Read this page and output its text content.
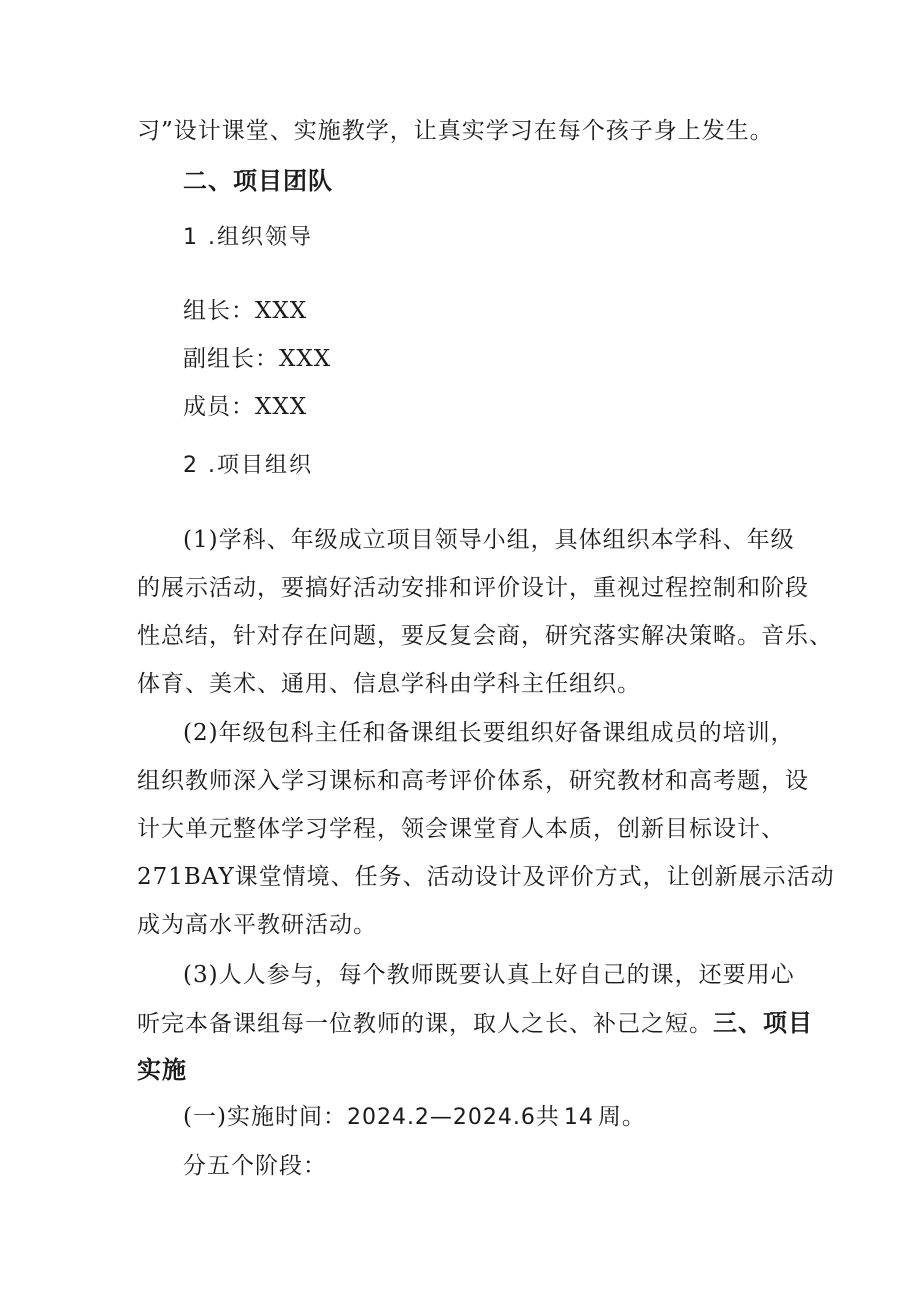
习”设计课堂、实施教学，让真实学习在每个孩子身上发生。
二、项目团队
1 .组织领导
组长：XXX
副组长：XXX
成员：XXX
2 .项目组织
(1)学科、年级成立项目领导小组，具体组织本学科、年级
的展示活动，要搞好活动安排和评价设计，重视过程控制和阶段
性总结，针对存在问题，要反复会商，研究落实解决策略。音乐、
体育、美术、通用、信息学科由学科主任组织。
(2)年级包科主任和备课组长要组织好备课组成员的培训，
组织教师深入学习课标和高考评价体系，研究教材和高考题，设
计大单元整体学习学程，领会课堂育人本质，创新目标设计、
271BAY课堂情境、任务、活动设计及评价方式，让创新展示活动
成为高水平教研活动。
(3)人人参与，每个教师既要认真上好自己的课，还要用心
听完本备课组每一位教师的课，取人之长、补己之短。三、项目
实施
(一)实施时间：2024.2—2024.6共 14 周。
分五个阶段：
